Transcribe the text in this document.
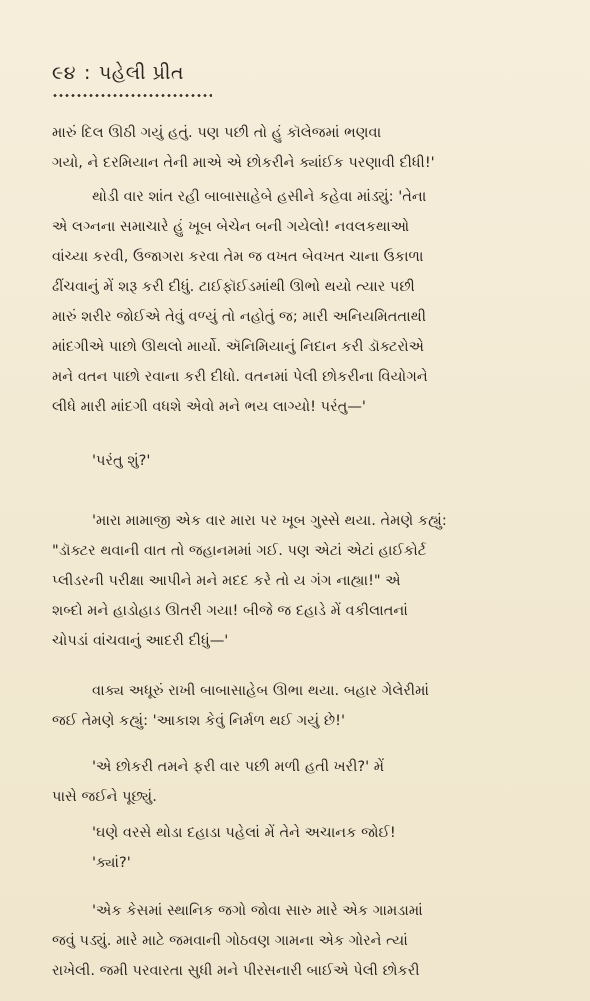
૯૪ : પહેલી પ્રીત
મારું દિલ ઊઠી ગયું હતું. પણ પછી તો હું કૉલેજમાં ભણવા
ગયો, ને દરમિયાન તેની માએ એ છોકરીને ક્યાંઈક પરણાવી દીધી!'
થોડી વાર શાંત રહી બાબાસાહેબે હસીને કહેવા માંડ્યું: 'તેના
એ લગ્નના સમાચારે હું ખૂબ બેચેન બની ગયેલો! નવલકથાઓ
વાંચ્યા કરવી, ઉજાગરા કરવા તેમ જ વખત બેવખત ચાના ઉકાળા
ઢીંચવાનું મેં શરૂ કરી દીધું. ટાઈફૉઈડમાંથી ઊભો થયો ત્યાર પછી
મારું શરીર જોઈએ તેવું વળ્યું તો નહોતું જ; મારી અનિયમિતતાથી
માંદગીએ પાછો ઊથલો માર્યો. ઍનિમિયાનું નિદાન કરી ડૉક્ટરોએ
મને વતન પાછો રવાના કરી દીધો. વતનમાં પેલી છોકરીના વિયોગને
લીધે મારી માંદગી વધશે એવો મને ભય લાગ્યો! પરંતુ—'
'પરંતુ શું?'
'મારા મામાજી એક વાર મારા પર ખૂબ ગુસ્સે થયા. તેમણે કહ્યું:
"ડૉક્ટર થવાની વાત તો જહાનમમાં ગઈ. પણ એટાં એટાં હાઈકોર્ટ
પ્લીડરની પરીક્ષા આપીને મને મદદ કરે તો ય ગંગ નાહ્યા!" એ
શબ્દો મને હાડોહાડ ઊતરી ગયા! બીજે જ દહાડે મેં વકીલાતનાં
ચોપડાં વાંચવાનું આદરી દીધું—'
વાક્ય અધૂરું રાખી બાબાસાહેબ ઊભા થયા. બહાર ગેલેરીમાં
જઈ તેમણે કહ્યું: 'આકાશ કેવું નિર્મળ થઈ ગયું છે!'
'એ છોકરી તમને ફરી વાર પછી મળી હતી ખરી?' મેં
પાસે જઈને પૂછ્યું.
'ઘણે વરસે થોડા દહાડા પહેલાં મેં તેને અચાનક જોઈ!
'ક્યાં?'
'એક કેસમાં સ્થાનિક જગો જોવા સારુ મારે એક ગામડામાં
જવું પડ્યું. મારે માટે જમવાની ગોઠવણ ગામના એક ગોરને ત્યાં
રાખેલી. જમી પરવારતા સુધી મને પીરસનારી બાઈએ પેલી છોકરી
